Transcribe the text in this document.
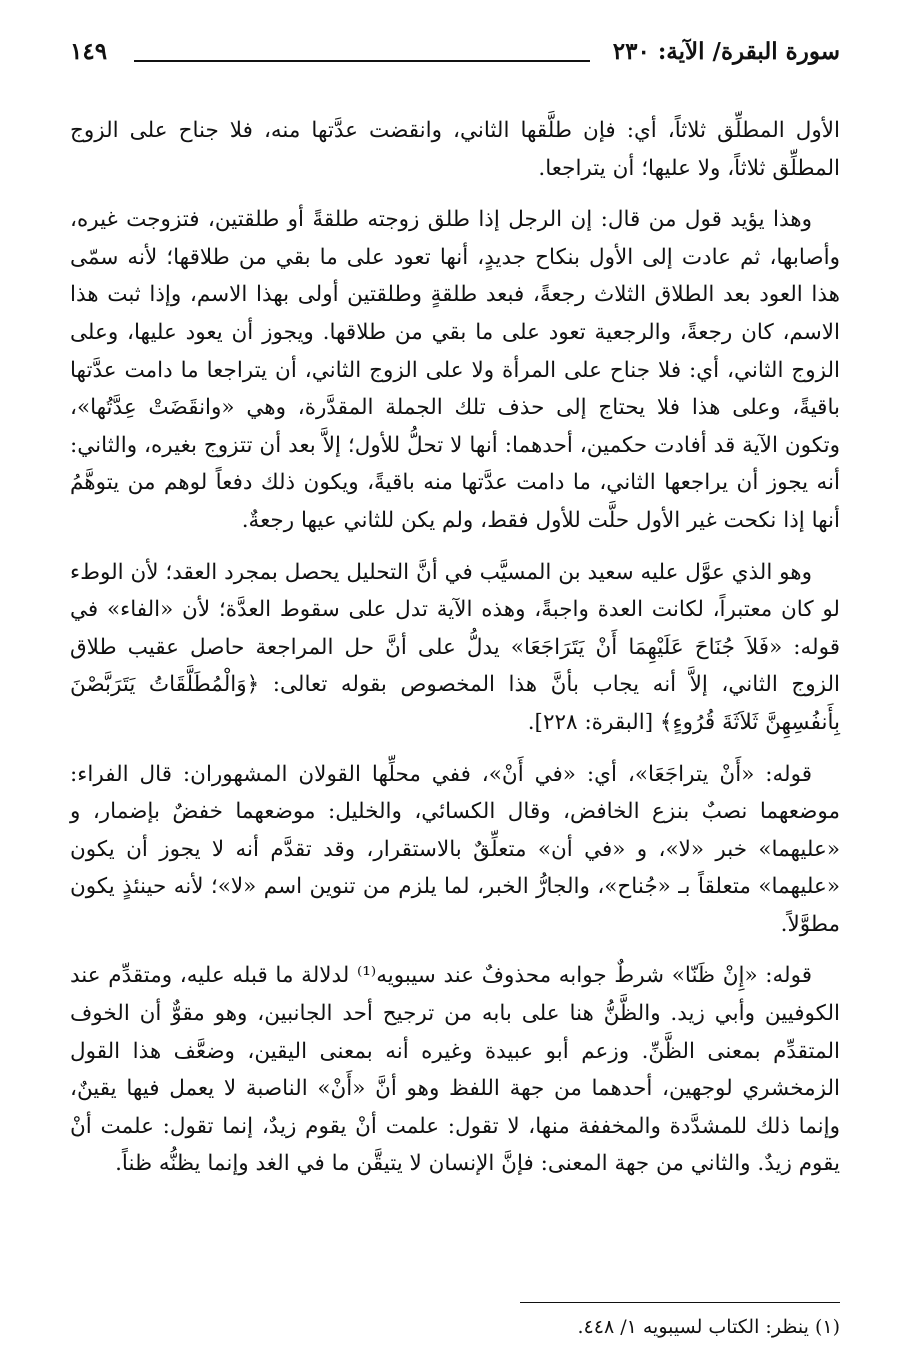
سورة البقرة/ الآية: ٢٣٠
١٤٩

الأول المطلِّق ثلاثاً، أي: فإن طلَّقها الثاني، وانقضت عدَّتها منه، فلا جناح على الزوج المطلِّق ثلاثاً، ولا عليها؛ أن يتراجعا.

وهذا يؤيد قول من قال: إن الرجل إذا طلق زوجته طلقةً أو طلقتين، فتزوجت غيره، وأصابها، ثم عادت إلى الأول بنكاح جديدٍ، أنها تعود على ما بقي من طلاقها؛ لأنه سمّى هذا العود بعد الطلاق الثلاث رجعةً، فبعد طلقةٍ وطلقتين أولى بهذا الاسم، وإذا ثبت هذا الاسم، كان رجعةً، والرجعية تعود على ما بقي من طلاقها. ويجوز أن يعود عليها، وعلى الزوج الثاني، أي: فلا جناح على المرأة ولا على الزوج الثاني، أن يتراجعا ما دامت عدَّتها باقيةً، وعلى هذا فلا يحتاج إلى حذف تلك الجملة المقدَّرة، وهي «وانقَضَتْ عِدَّتُها»، وتكون الآية قد أفادت حكمين، أحدهما: أنها لا تحلُّ للأول؛ إلاَّ بعد أن تتزوج بغيره، والثاني: أنه يجوز أن يراجعها الثاني، ما دامت عدَّتها منه باقيةً، ويكون ذلك دفعاً لوهم من يتوهَّمُ أنها إذا نكحت غير الأول حلَّت للأول فقط، ولم يكن للثاني عيها رجعةٌ.

وهو الذي عوَّل عليه سعيد بن المسيَّب في أنَّ التحليل يحصل بمجرد العقد؛ لأن الوطء لو كان معتبراً، لكانت العدة واجبةً، وهذه الآية تدل على سقوط العدَّة؛ لأن «الفاء» في قوله: «فَلاَ جُنَاحَ عَلَيْهِمَا أَنْ يَتَرَاجَعَا» يدلُّ على أنَّ حل المراجعة حاصل عقيب طلاق الزوج الثاني، إلاَّ أنه يجاب بأنَّ هذا المخصوص بقوله تعالى: ﴿وَالْمُطَلَّقَاتُ يَتَرَبَّصْنَ بِأَنفُسِهِنَّ ثَلاَثَةَ قُرُوءٍ﴾ [البقرة: ٢٢٨].

قوله: «أَنْ يتراجَعَا»، أي: «في أَنْ»، ففي محلِّها القولان المشهوران: قال الفراء: موضعهما نصبٌ بنزع الخافض، وقال الكسائي، والخليل: موضعهما خفضٌ بإضمار، و «عليهما» خبر «لا»، و «في أن» متعلِّقٌ بالاستقرار، وقد تقدَّم أنه لا يجوز أن يكون «عليهما» متعلقاً بـ «جُناح»، والجارُّ الخبر، لما يلزم من تنوين اسم «لا»؛ لأنه حينئذٍ يكون مطوَّلاً.

قوله: «إِنْ ظَنّا» شرطٌ جوابه محذوفٌ عند سيبويه⁽¹⁾ لدلالة ما قبله عليه، ومتقدِّم عند الكوفيين وأبي زيد. والظَّنُّ هنا على بابه من ترجيح أحد الجانبين، وهو مقوٌّ أن الخوف المتقدِّم بمعنى الظَّنِّ. وزعم أبو عبيدة وغيره أنه بمعنى اليقين، وضعَّف هذا القول الزمخشري لوجهين، أحدهما من جهة اللفظ وهو أنَّ «أَنْ» الناصبة لا يعمل فيها يقينٌ، وإنما ذلك للمشدَّدة والمخففة منها، لا تقول: علمت أنْ يقوم زيدٌ، إنما تقول: علمت أنْ يقوم زيدٌ. والثاني من جهة المعنى: فإنَّ الإنسان لا يتيقَّن ما في الغد وإنما يظنُّه ظناً.

(١) ينظر: الكتاب لسيبويه ١/ ٤٤٨.
